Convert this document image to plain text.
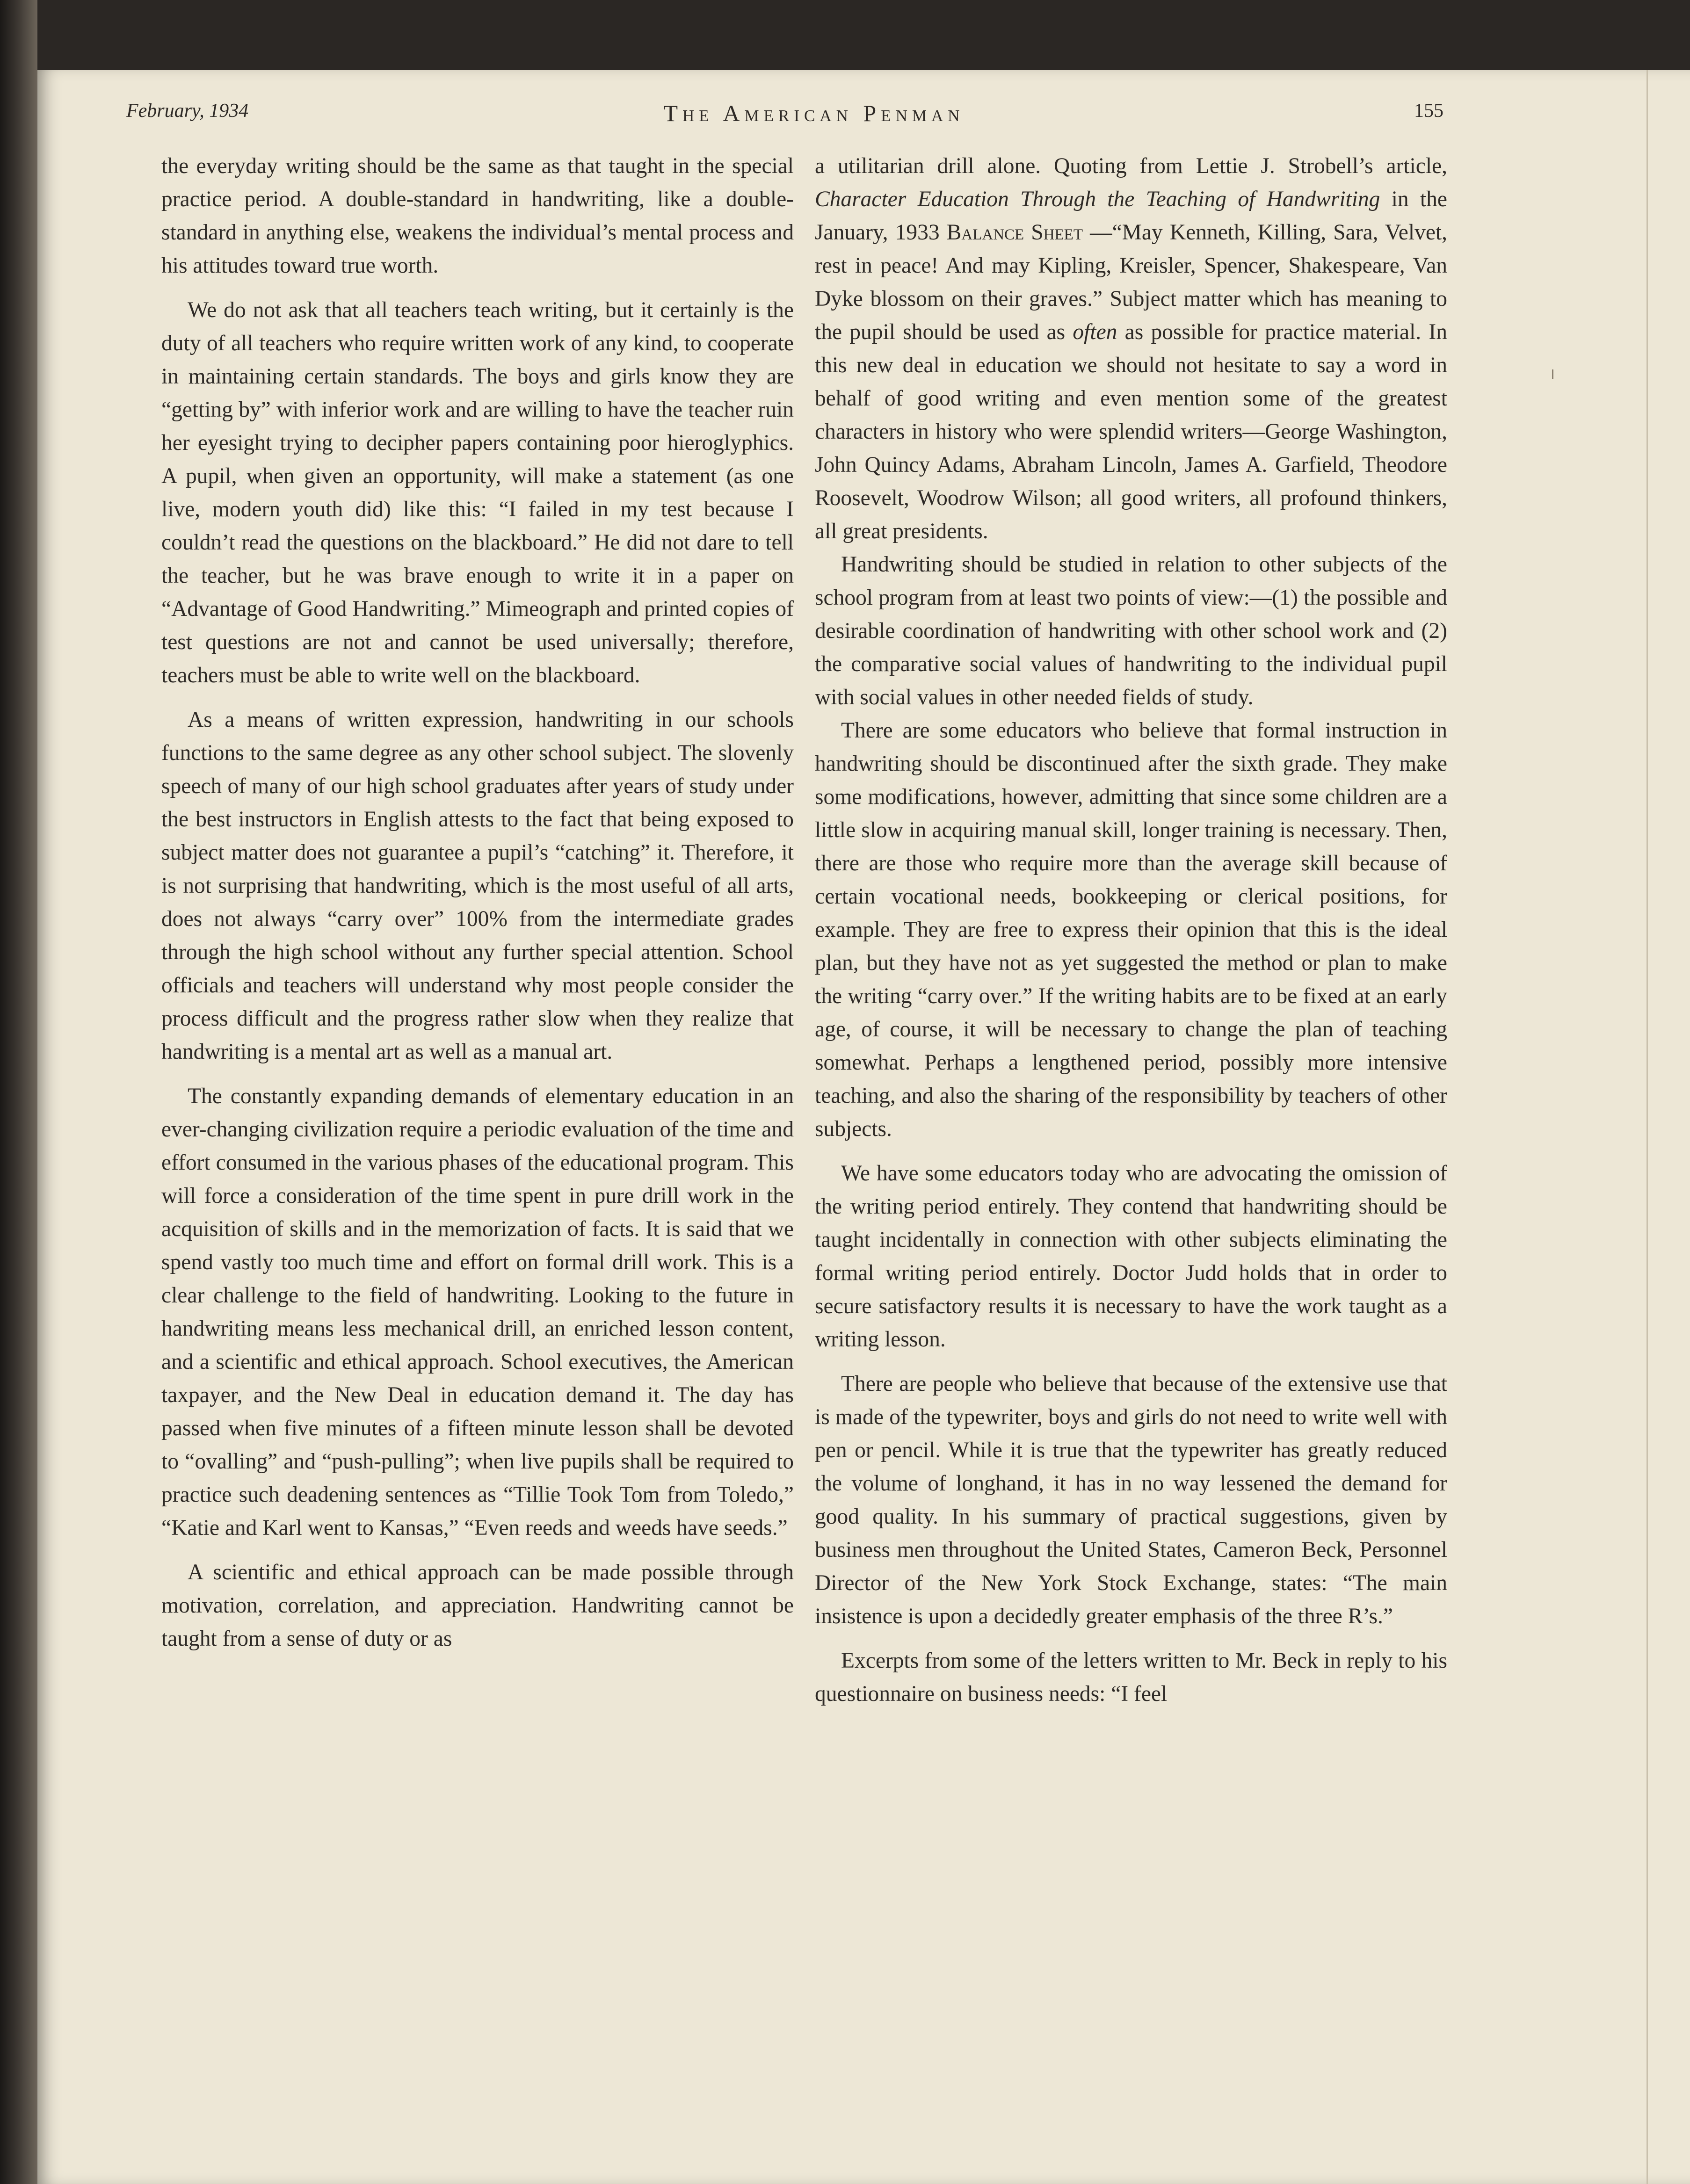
February, 1934	The American Penman	155

the everyday writing should be the same as that taught in the special practice period. A double-standard in handwriting, like a double-standard in anything else, weakens the individual’s mental process and his attitudes toward true worth.

We do not ask that all teachers teach writing, but it certainly is the duty of all teachers who require written work of any kind, to cooperate in maintaining certain standards. The boys and girls know they are “getting by” with inferior work and are willing to have the teacher ruin her eyesight trying to decipher papers containing poor hieroglyphics. A pupil, when given an opportunity, will make a statement (as one live, modern youth did) like this: “I failed in my test because I couldn’t read the questions on the blackboard.” He did not dare to tell the teacher, but he was brave enough to write it in a paper on “Advantage of Good Handwriting.” Mimeograph and printed copies of test questions are not and cannot be used universally; therefore, teachers must be able to write well on the blackboard.

As a means of written expression, handwriting in our schools functions to the same degree as any other school subject. The slovenly speech of many of our high school graduates after years of study under the best instructors in English attests to the fact that being exposed to subject matter does not guarantee a pupil’s “catching” it. Therefore, it is not surprising that handwriting, which is the most useful of all arts, does not always “carry over” 100% from the intermediate grades through the high school without any further special attention. School officials and teachers will understand why most people consider the process difficult and the progress rather slow when they realize that handwriting is a mental art as well as a manual art.

The constantly expanding demands of elementary education in an ever-changing civilization require a periodic evaluation of the time and effort consumed in the various phases of the educational program. This will force a consideration of the time spent in pure drill work in the acquisition of skills and in the memorization of facts. It is said that we spend vastly too much time and effort on formal drill work. This is a clear challenge to the field of handwriting. Looking to the future in handwriting means less mechanical drill, an enriched lesson content, and a scientific and ethical approach. School executives, the American taxpayer, and the New Deal in education demand it. The day has passed when five minutes of a fifteen minute lesson shall be devoted to “ovalling” and “push-pulling”; when live pupils shall be required to practice such deadening sentences as “Tillie Took Tom from Toledo,” “Katie and Karl went to Kansas,” “Even reeds and weeds have seeds.”

A scientific and ethical approach can be made possible through motivation, correlation, and appreciation. Handwriting cannot be taught from a sense of duty or as

a utilitarian drill alone. Quoting from Lettie J. Strobell’s article, Character Education Through the Teaching of Handwriting in the January, 1933 Balance Sheet —“May Kenneth, Killing, Sara, Velvet, rest in peace! And may Kipling, Kreisler, Spencer, Shakespeare, Van Dyke blossom on their graves.” Subject matter which has meaning to the pupil should be used as often as possible for practice material. In this new deal in education we should not hesitate to say a word in behalf of good writing and even mention some of the greatest characters in history who were splendid writers—George Washington, John Quincy Adams, Abraham Lincoln, James A. Garfield, Theodore Roosevelt, Woodrow Wilson; all good writers, all profound thinkers, all great presidents.

Handwriting should be studied in relation to other subjects of the school program from at least two points of view:—(1) the possible and desirable coordination of handwriting with other school work and (2) the comparative social values of handwriting to the individual pupil with social values in other needed fields of study.

There are some educators who believe that formal instruction in handwriting should be discontinued after the sixth grade. They make some modifications, however, admitting that since some children are a little slow in acquiring manual skill, longer training is necessary. Then, there are those who require more than the average skill because of certain vocational needs, bookkeeping or clerical positions, for example. They are free to express their opinion that this is the ideal plan, but they have not as yet suggested the method or plan to make the writing “carry over.” If the writing habits are to be fixed at an early age, of course, it will be necessary to change the plan of teaching somewhat. Perhaps a lengthened period, possibly more intensive teaching, and also the sharing of the responsibility by teachers of other subjects.

We have some educators today who are advocating the omission of the writing period entirely. They contend that handwriting should be taught incidentally in connection with other subjects eliminating the formal writing period entirely. Doctor Judd holds that in order to secure satisfactory results it is necessary to have the work taught as a writing lesson.

There are people who believe that because of the extensive use that is made of the typewriter, boys and girls do not need to write well with pen or pencil. While it is true that the typewriter has greatly reduced the volume of longhand, it has in no way lessened the demand for good quality. In his summary of practical suggestions, given by business men throughout the United States, Cameron Beck, Personnel Director of the New York Stock Exchange, states: “The main insistence is upon a decidedly greater emphasis of the three R’s.”

Excerpts from some of the letters written to Mr. Beck in reply to his questionnaire on business needs: “I feel
